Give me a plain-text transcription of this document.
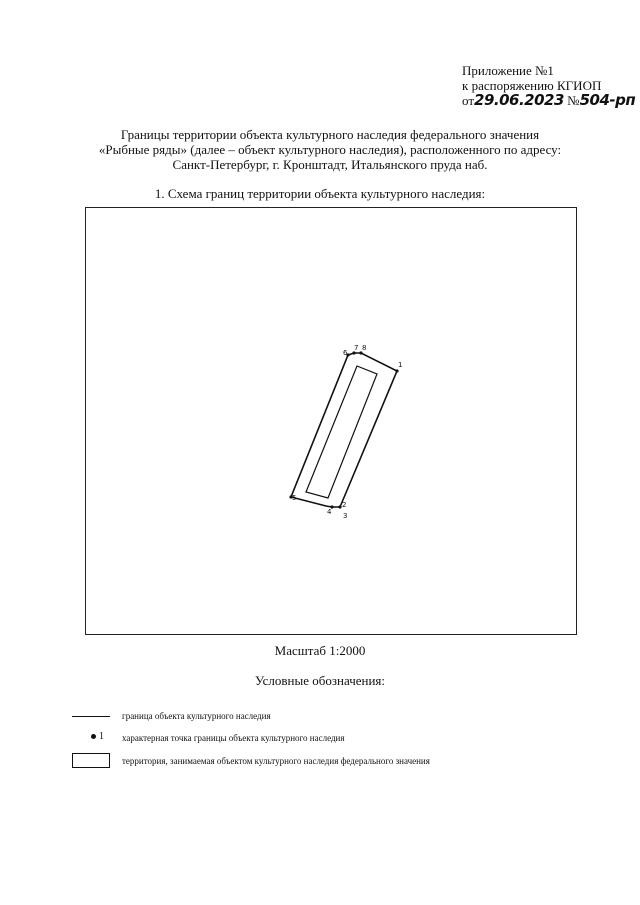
Приложение №1
к распоряжению КГИОП
от29.06.2023 №504-рп
Границы территории объекта культурного наследия федерального значения
«Рыбные ряды» (далее – объект культурного наследия), расположенного по адресу:
Санкт-Петербург, г. Кронштадт, Итальянского пруда наб.
1. Схема границ территории объекта культурного наследия:
1
2
3
4
5
6
7 8
Масштаб 1:2000
Условные обозначения:
граница объекта культурного наследия
1 характерная точка границы объекта культурного наследия
территория, занимаемая объектом культурного наследия федерального значения
